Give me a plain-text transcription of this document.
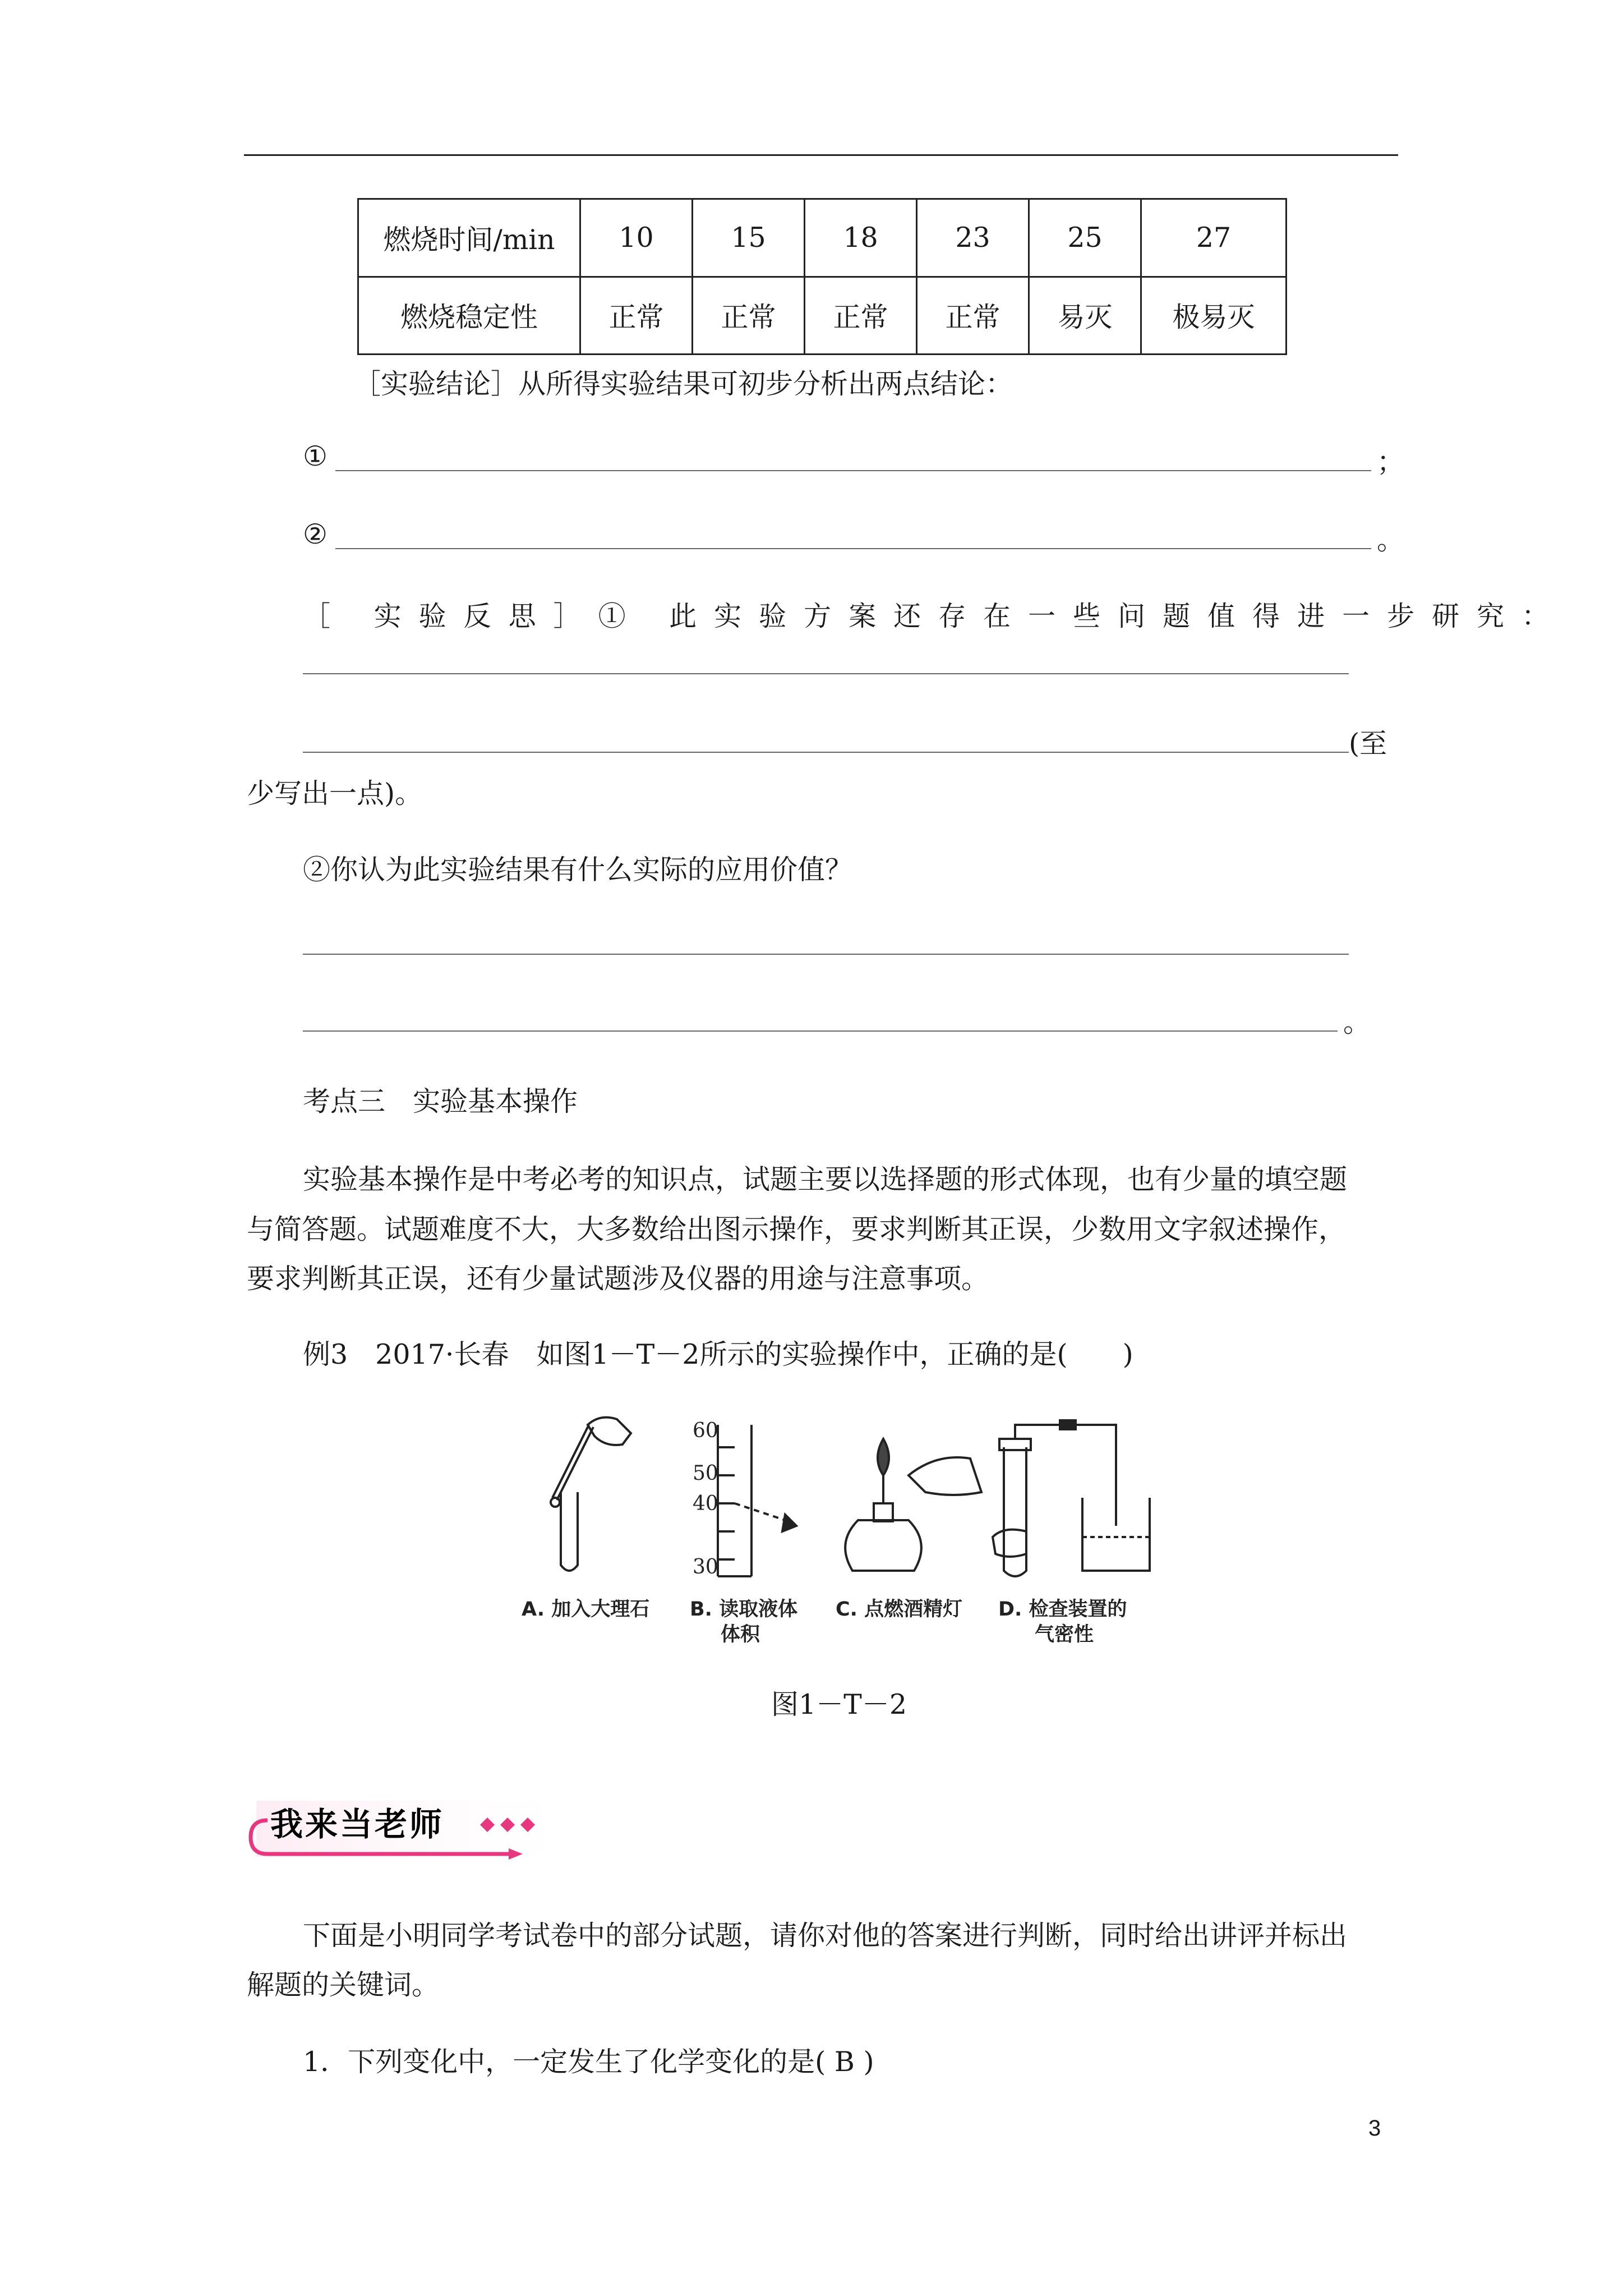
燃烧时间/min	10	15	18	23	25	27
燃烧稳定性	正常	正常	正常	正常	易灭	极易灭
［实验结论］从所得实验结果可初步分析出两点结论：
①	；
②	。
［ 实验反思］① 此实验方案还存在一些问题值得进一步研究：
(至
少写出一点)。
②你认为此实验结果有什么实际的应用价值？
。
考点三　实验基本操作
实验基本操作是中考必考的知识点，试题主要以选择题的形式体现，也有少量的填空题
与简答题。试题难度不大，大多数给出图示操作，要求判断其正误，少数用文字叙述操作，
要求判断其正误，还有少量试题涉及仪器的用途与注意事项。
例3　2017·长春　如图1－T－2所示的实验操作中，正确的是(　　)
60
50
40
30
A. 加入大理石 B. 读取液体
体积
C. 点燃酒精灯 D. 检查装置的
气密性
图1－T－2
我来当老师
下面是小明同学考试卷中的部分试题，请你对他的答案进行判断，同时给出讲评并标出
解题的关键词。
1．下列变化中，一定发生了化学变化的是( B )
3
